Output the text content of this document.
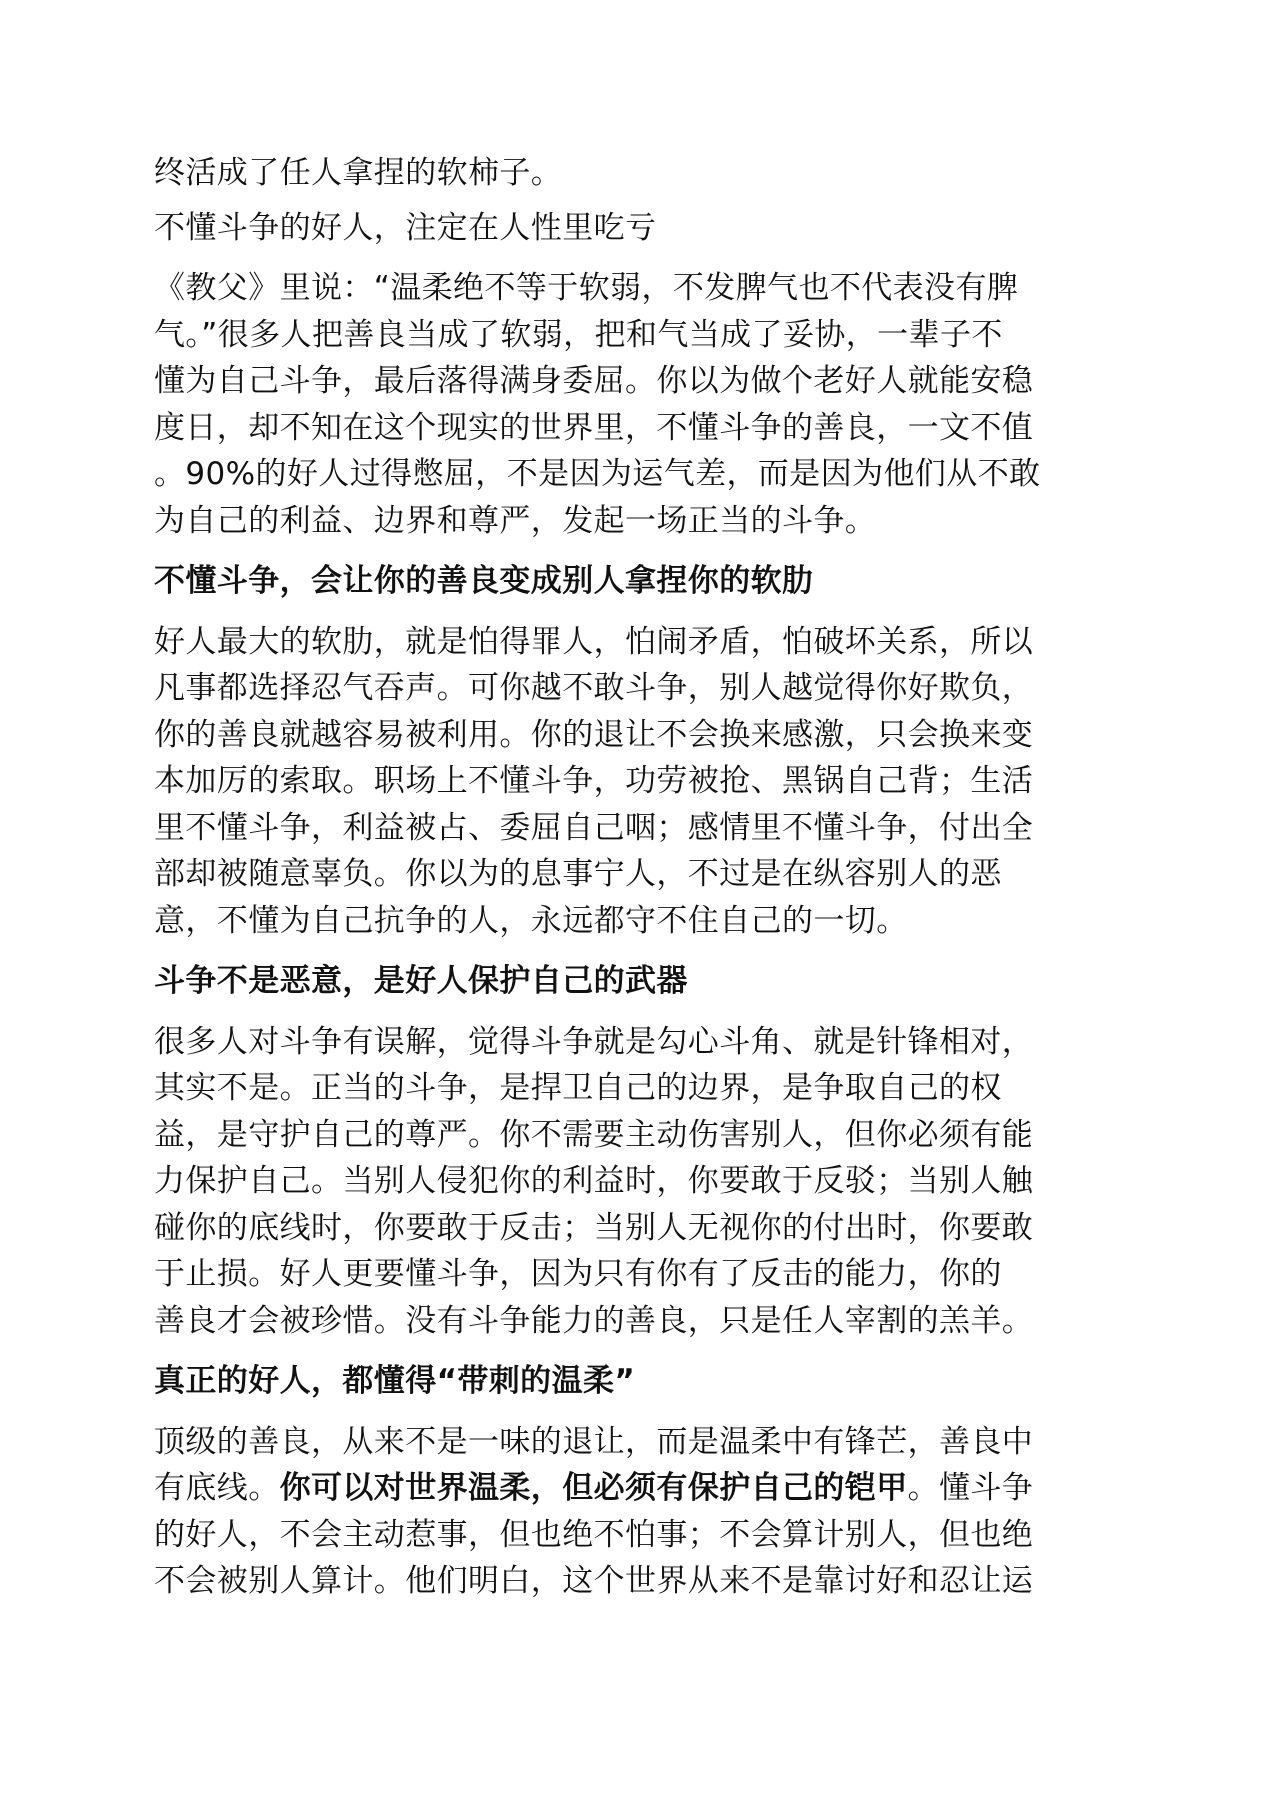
终活成了任人拿捏的软柿子。
不懂斗争的好人，注定在人性里吃亏
《教父》里说：“温柔绝不等于软弱，不发脾气也不代表没有脾
气。”很多人把善良当成了软弱，把和气当成了妥协，一辈子不
懂为自己斗争，最后落得满身委屈。你以为做个老好人就能安稳
度日，却不知在这个现实的世界里，不懂斗争的善良，一文不值
。90%的好人过得憋屈，不是因为运气差，而是因为他们从不敢
为自己的利益、边界和尊严，发起一场正当的斗争。
不懂斗争，会让你的善良变成别人拿捏你的软肋
好人最大的软肋，就是怕得罪人，怕闹矛盾，怕破坏关系，所以
凡事都选择忍气吞声。可你越不敢斗争，别人越觉得你好欺负，
你的善良就越容易被利用。你的退让不会换来感激，只会换来变
本加厉的索取。职场上不懂斗争，功劳被抢、黑锅自己背；生活
里不懂斗争，利益被占、委屈自己咽；感情里不懂斗争，付出全
部却被随意辜负。你以为的息事宁人，不过是在纵容别人的恶
意，不懂为自己抗争的人，永远都守不住自己的一切。
斗争不是恶意，是好人保护自己的武器
很多人对斗争有误解，觉得斗争就是勾心斗角、就是针锋相对，
其实不是。正当的斗争，是捍卫自己的边界，是争取自己的权
益，是守护自己的尊严。你不需要主动伤害别人，但你必须有能
力保护自己。当别人侵犯你的利益时，你要敢于反驳；当别人触
碰你的底线时，你要敢于反击；当别人无视你的付出时，你要敢
于止损。好人更要懂斗争，因为只有你有了反击的能力，你的
善良才会被珍惜。没有斗争能力的善良，只是任人宰割的羔羊。
真正的好人，都懂得“带刺的温柔”
顶级的善良，从来不是一味的退让，而是温柔中有锋芒，善良中
有底线。你可以对世界温柔，但必须有保护自己的铠甲。懂斗争
的好人，不会主动惹事，但也绝不怕事；不会算计别人，但也绝
不会被别人算计。他们明白，这个世界从来不是靠讨好和忍让运
